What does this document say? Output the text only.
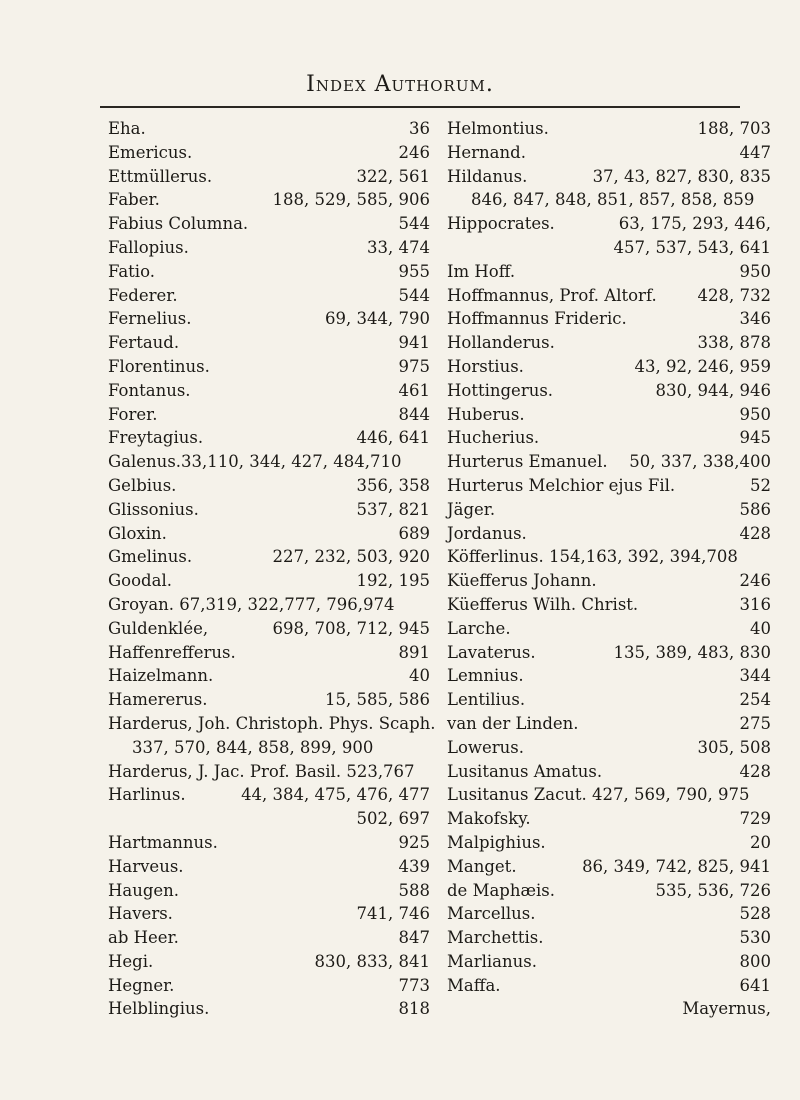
Index Authorum.
Eha.	36
Emericus.	246
Ettmüllerus.	322, 561
Faber.	188, 529, 585, 906
Fabius Columna.	544
Fallopius.	33, 474
Fatio.	955
Federer.	544
Fernelius.	69, 344, 790
Fertaud.	941
Florentinus.	975
Fontanus.	461
Forer.	844
Freytagius.	446, 641
Galenus.33,110, 344, 427, 484,710
Gelbius.	356, 358
Glissonius.	537, 821
Gloxin.	689
Gmelinus.	227, 232, 503, 920
Goodal.	192, 195
Groyan. 67,319, 322,777, 796,974
Guldenklée,	698, 708, 712, 945
Haffenrefferus.	891
Haizelmann.	40
Hamererus.	15, 585, 586
Harderus, Joh. Christoph. Phys. Scaph.
337, 570, 844, 858, 899, 900
Harderus, J. Jac. Prof. Basil. 523,767
Harlinus.	44, 384, 475, 476, 477
502, 697
Hartmannus.	925
Harveus.	439
Haugen.	588
Havers.	741, 746
ab Heer.	847
Hegi.	830, 833, 841
Hegner.	773
Helblingius.	818
Helmontius.	188, 703
Hernand.	447
Hildanus.	37, 43, 827, 830, 835
846, 847, 848, 851, 857, 858, 859
Hippocrates.	63, 175, 293, 446,
457, 537, 543, 641
Im Hoff.	950
Hoffmannus, Prof. Altorf. 428, 732
Hoffmannus Frideric.	346
Hollanderus.	338, 878
Horstius.	43, 92, 246, 959
Hottingerus.	830, 944, 946
Huberus.	950
Hucherius.	945
Hurterus Emanuel. 50, 337, 338,400
Hurterus Melchior ejus Fil.	52
Jäger.	586
Jordanus.	428
Köfferlinus. 154,163, 392, 394,708
Küefferus Johann.	246
Küefferus Wilh. Christ.	316
Larche.	40
Lavaterus.	135, 389, 483, 830
Lemnius.	344
Lentilius.	254
van der Linden.	275
Lowerus.	305, 508
Lusitanus Amatus.	428
Lusitanus Zacut. 427, 569, 790, 975
Makofsky.	729
Malpighius.	20
Manget.	86, 349, 742, 825, 941
de Maphæis.	535, 536, 726
Marcellus.	528
Marchettis.	530
Marlianus.	800
Maffa.	641
Mayernus,
